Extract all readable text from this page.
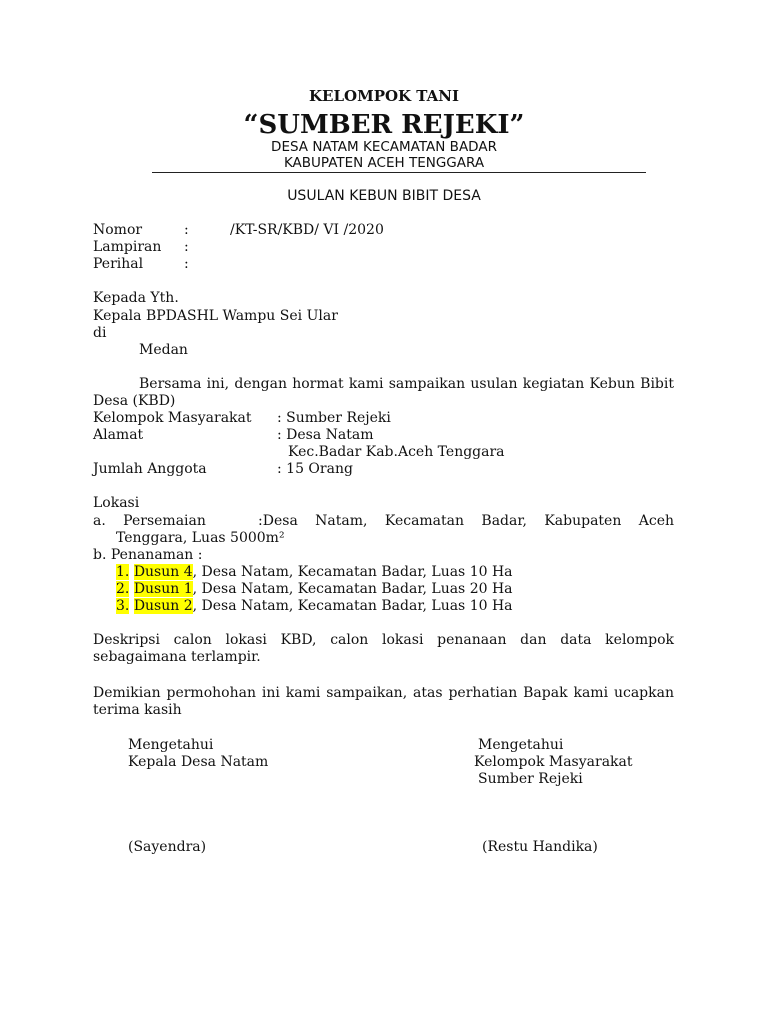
KELOMPOK TANI
“SUMBER REJEKI”
DESA NATAM KECAMATAN BADAR
KABUPATEN ACEH TENGGARA
USULAN KEBUN BIBIT DESA
Nomor	:	/KT-SR/KBD/ VI /2020
Lampiran :
Perihal	:
Kepada Yth.
Kepala BPDASHL Wampu Sei Ular
di
Medan
Bersama ini, dengan hormat kami sampaikan usulan kegiatan Kebun Bibit Desa (KBD)
Kelompok Masyarakat : Sumber Rejeki
Alamat	: Desa Natam
Kec.Badar Kab.Aceh Tenggara
Jumlah Anggota	: 15 Orang
Lokasi
a. Persemaian   :Desa Natam, Kecamatan Badar, Kabupaten Aceh
Tenggara, Luas 5000m²
b. Penanaman :
1. Dusun 4, Desa Natam, Kecamatan Badar, Luas 10 Ha
2. Dusun 1, Desa Natam, Kecamatan Badar, Luas 20 Ha
3. Dusun 2, Desa Natam, Kecamatan Badar, Luas 10 Ha
Deskripsi calon lokasi KBD, calon lokasi penanaan dan data kelompok sebagaimana terlampir.
Demikian permohohan ini kami sampaikan, atas perhatian Bapak kami ucapkan terima kasih
Mengetahui
Kepala Desa Natam
(Sayendra)
Mengetahui
Kelompok Masyarakat
Sumber Rejeki
(Restu Handika)
